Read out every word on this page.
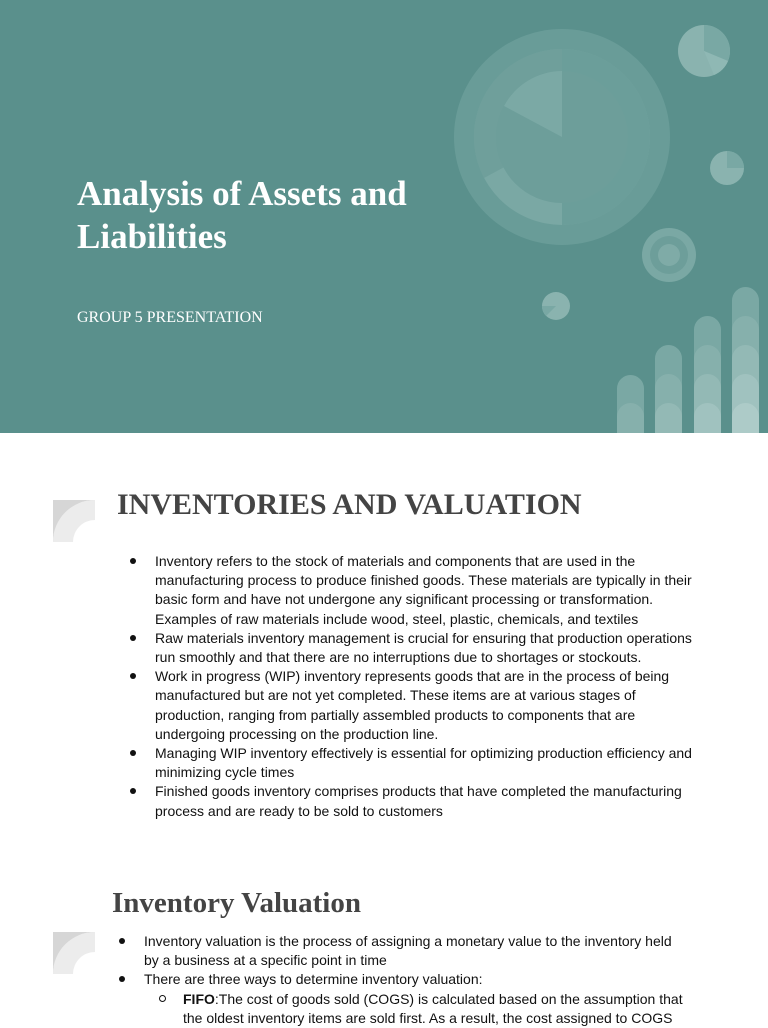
Analysis of Assets and Liabilities

GROUP 5 PRESENTATION

INVENTORIES AND VALUATION
Inventory refers to the stock of materials and components that are used in the manufacturing process to produce finished goods. These materials are typically in their basic form and have not undergone any significant processing or transformation. Examples of raw materials include wood, steel, plastic, chemicals, and textiles
Raw materials inventory management is crucial for ensuring that production operations run smoothly and that there are no interruptions due to shortages or stockouts.
Work in progress (WIP) inventory represents goods that are in the process of being manufactured but are not yet completed. These items are at various stages of production, ranging from partially assembled products to components that are undergoing processing on the production line.
Managing WIP inventory effectively is essential for optimizing production efficiency and minimizing cycle times
Finished goods inventory comprises products that have completed the manufacturing process and are ready to be sold to customers
Inventory Valuation
Inventory valuation is the process of assigning a monetary value to the inventory held by a business at a specific point in time
There are three ways to determine inventory valuation:
FIFO:The cost of goods sold (COGS) is calculated based on the assumption that the oldest inventory items are sold first. As a result, the cost assigned to COGS
